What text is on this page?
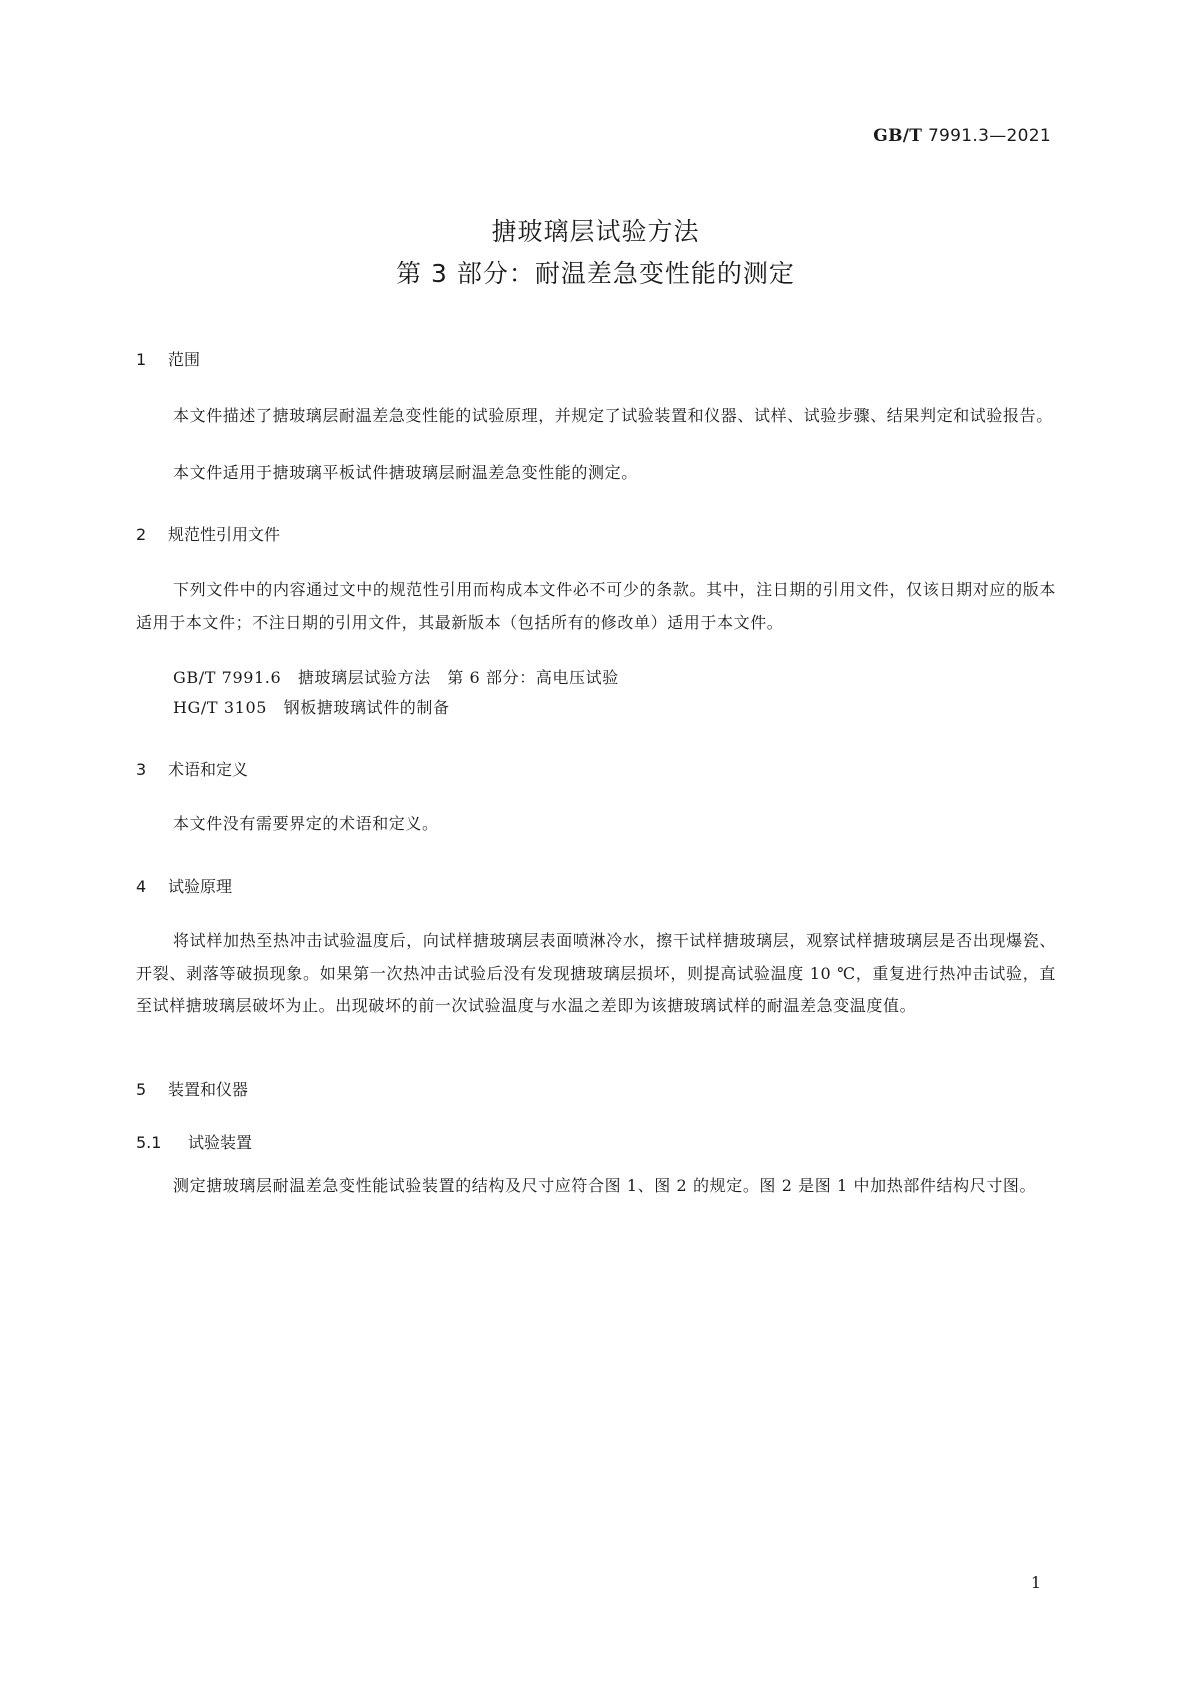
GB/T 7991.3—2021
搪玻璃层试验方法
第 3 部分：耐温差急变性能的测定
1 范围

本文件描述了搪玻璃层耐温差急变性能的试验原理，并规定了试验装置和仪器、试样、试验步骤、结果判定和试验报告。

本文件适用于搪玻璃平板试件搪玻璃层耐温差急变性能的测定。

2 规范性引用文件

下列文件中的内容通过文中的规范性引用而构成本文件必不可少的条款。其中，注日期的引用文件，仅该日期对应的版本适用于本文件；不注日期的引用文件，其最新版本（包括所有的修改单）适用于本文件。

GB/T 7991.6　搪玻璃层试验方法　第 6 部分：高电压试验

HG/T 3105　钢板搪玻璃试件的制备

3 术语和定义

本文件没有需要界定的术语和定义。

4 试验原理

将试样加热至热冲击试验温度后，向试样搪玻璃层表面喷淋冷水，擦干试样搪玻璃层，观察试样搪玻璃层是否出现爆瓷、开裂、剥落等破损现象。如果第一次热冲击试验后没有发现搪玻璃层损坏，则提高试验温度 10 ℃，重复进行热冲击试验，直至试样搪玻璃层破坏为止。出现破坏的前一次试验温度与水温之差即为该搪玻璃试样的耐温差急变温度值。

5 装置和仪器
5.1 试验装置

测定搪玻璃层耐温差急变性能试验装置的结构及尺寸应符合图 1、图 2 的规定。图 2 是图 1 中加热部件结构尺寸图。

1
